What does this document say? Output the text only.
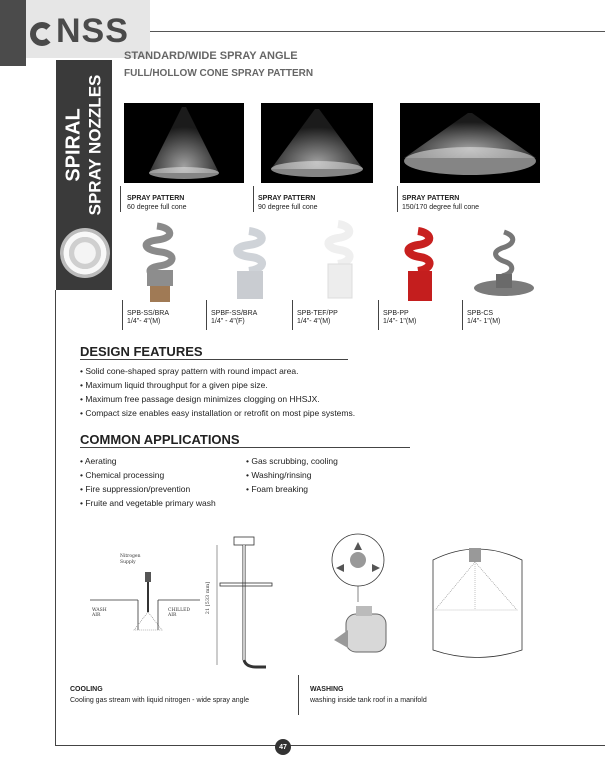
NSS
STANDARD/WIDE SPRAY ANGLE
FULL/HOLLOW CONE SPRAY PATTERN
SPIRAL SPRAY NOZZLES	SPRAY PATTERN
60 degree full cone
SPRAY PATTERN
90 degree full cone
SPRAY PATTERN
150/170 degree full cone
SPB-SS/BRA
1/4"- 4"(M)
SPBF-SS/BRA
1/4" - 4"(F)
SPB-TEF/PP
1/4"- 4"(M)
SPB-PP
1/4"- 1"(M)
SPB-CS
1/4"- 1"(M)
DESIGN FEATURES
• Solid cone-shaped spray pattern with round impact area.
• Maximum liquid throughput for a given pipe size.
• Maximum free passage design minimizes clogging on HHSJX.
• Compact size enables easy installation or retrofit on most pipe systems.
COMMON APPLICATIONS
• Aerating
• Chemical processing
• Fire suppression/prevention
• Fruite and vegetable primary wash
• Gas scrubbing, cooling
• Washing/rinsing
• Foam breaking
Nitrogen
Supply
WASH
AIR
CHILLED
AIR
21 [533 mm]
COOLING
Cooling gas stream with liquid nitrogen - wide spray angle
WASHING
washing inside tank roof in a manifold
47
